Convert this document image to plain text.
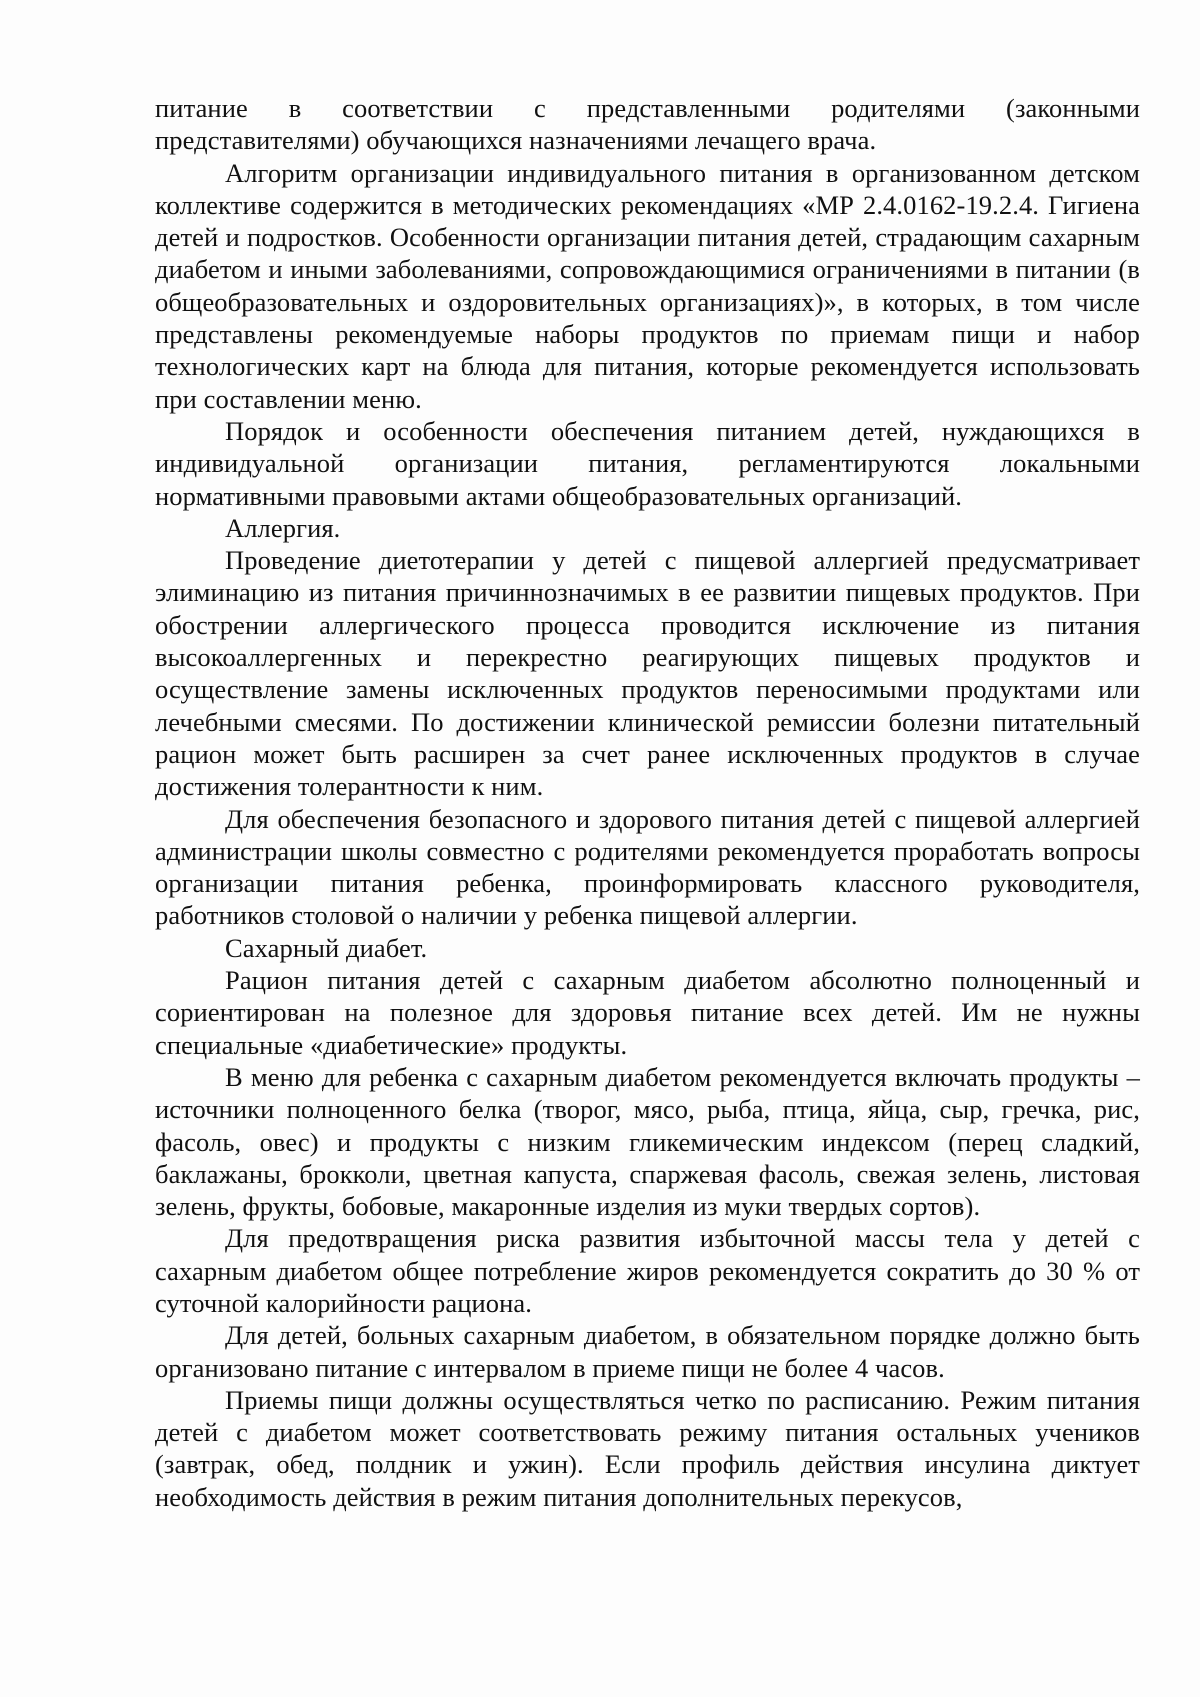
питание в соответствии с представленными родителями (законными представителями) обучающихся назначениями лечащего врача.

Алгоритм организации индивидуального питания в организованном детском коллективе содержится в методических рекомендациях «МР 2.4.0162-19.2.4. Гигиена детей и подростков. Особенности организации питания детей, страдающим сахарным диабетом и иными заболеваниями, сопровождающимися ограничениями в питании (в общеобразовательных и оздоровительных организациях)», в которых, в том числе представлены рекомендуемые наборы продуктов по приемам пищи и набор технологических карт на блюда для питания, которые рекомендуется использовать при составлении меню.

Порядок и особенности обеспечения питанием детей, нуждающихся в индивидуальной организации питания, регламентируются локальными нормативными правовыми актами общеобразовательных организаций.

Аллергия.

Проведение диетотерапии у детей с пищевой аллергией предусматривает элиминацию из питания причиннозначимых в ее развитии пищевых продуктов. При обострении аллергического процесса проводится исключение из питания высокоаллергенных и перекрестно реагирующих пищевых продуктов и осуществление замены исключенных продуктов переносимыми продуктами или лечебными смесями. По достижении клинической ремиссии болезни питательный рацион может быть расширен за счет ранее исключенных продуктов в случае достижения толерантности к ним.

Для обеспечения безопасного и здорового питания детей с пищевой аллергией администрации школы совместно с родителями рекомендуется проработать вопросы организации питания ребенка, проинформировать классного руководителя, работников столовой о наличии у ребенка пищевой аллергии.

Сахарный диабет.

Рацион питания детей с сахарным диабетом абсолютно полноценный и сориентирован на полезное для здоровья питание всех детей. Им не нужны специальные «диабетические» продукты.

В меню для ребенка с сахарным диабетом рекомендуется включать продукты – источники полноценного белка (творог, мясо, рыба, птица, яйца, сыр, гречка, рис, фасоль, овес) и продукты с низким гликемическим индексом (перец сладкий, баклажаны, брокколи, цветная капуста, спаржевая фасоль, свежая зелень, листовая зелень, фрукты, бобовые, макаронные изделия из муки твердых сортов).

Для предотвращения риска развития избыточной массы тела у детей с сахарным диабетом общее потребление жиров рекомендуется сократить до 30 % от суточной калорийности рациона.

Для детей, больных сахарным диабетом, в обязательном порядке должно быть организовано питание с интервалом в приеме пищи не более 4 часов.

Приемы пищи должны осуществляться четко по расписанию. Режим питания детей с диабетом может соответствовать режиму питания остальных учеников (завтрак, обед, полдник и ужин). Если профиль действия инсулина диктует необходимость действия в режим питания дополнительных перекусов,
